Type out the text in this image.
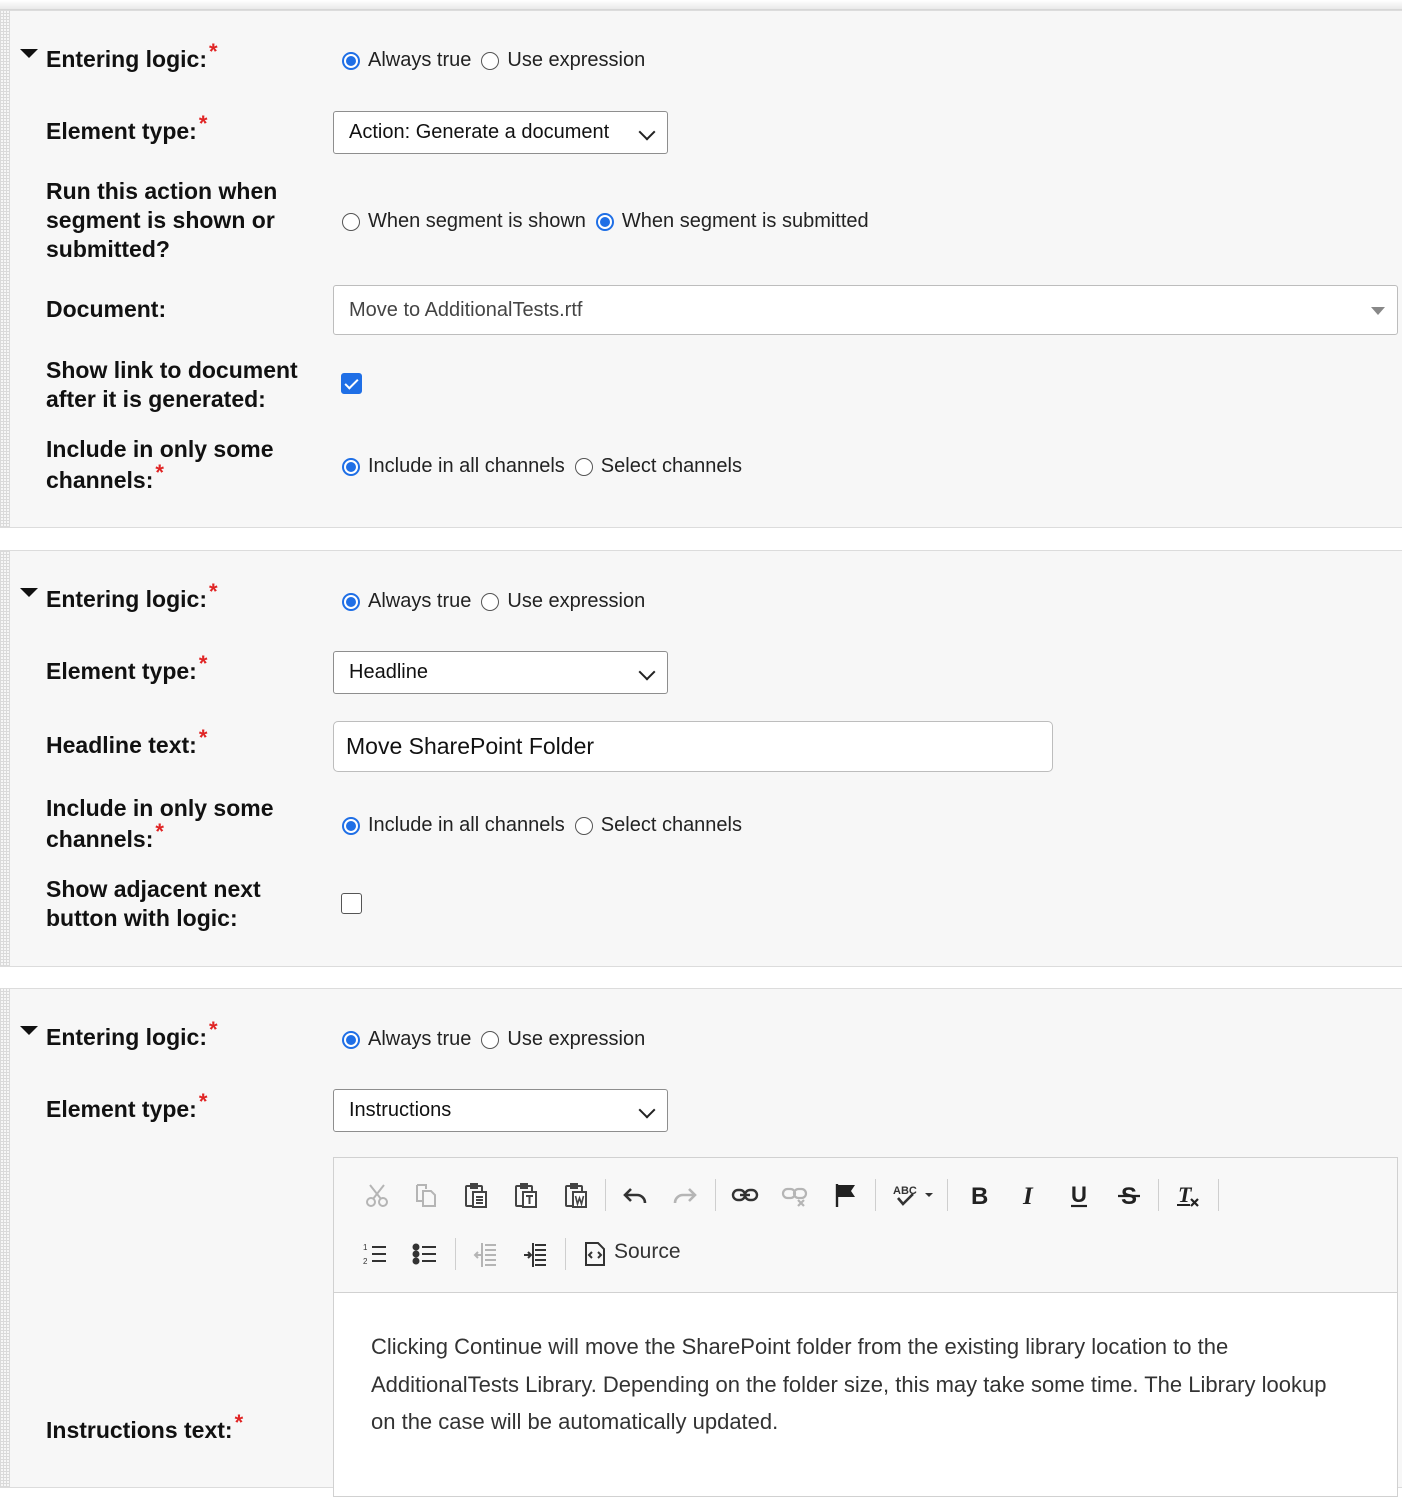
Entering logic:*	Always true Use expression
Element type:*	Action: Generate a document
Run this action when segment is shown or submitted?
When segment is shown When segment is submitted
Document:	Move to AdditionalTests.rtf
Show link to document after it is generated:
Include in only some channels:*	Include in all channels Select channels
Entering logic:*	Always true Use expression
Element type:*	Headline
Headline text:*	Move SharePoint Folder
Include in only some channels:*	Include in all channels Select channels
Show adjacent next button with logic:
Entering logic:*	Always true Use expression
Element type:*	Instructions
Instructions text:*
ABC B I U S T
1
2	Source
Clicking Continue will move the SharePoint folder from the existing library location to the AdditionalTests Library. Depending on the folder size, this may take some time. The Library lookup on the case will be automatically updated.
